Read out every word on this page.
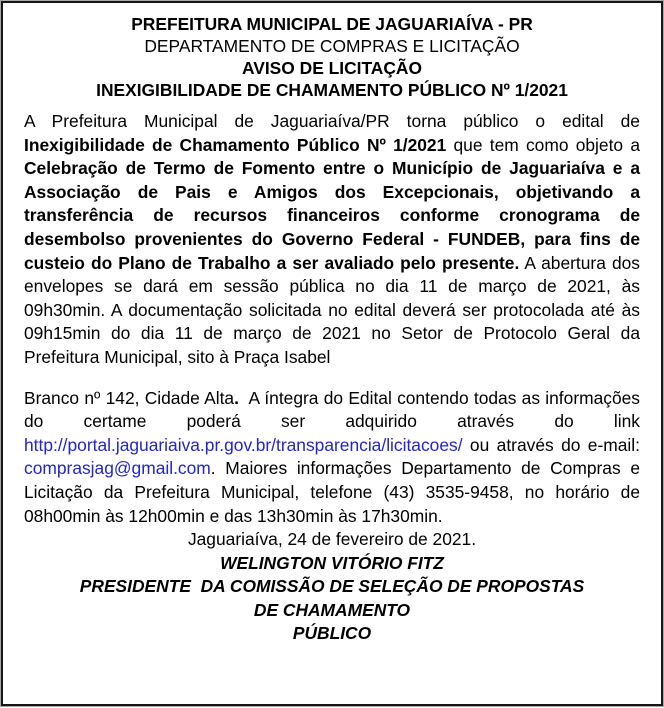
PREFEITURA MUNICIPAL DE JAGUARIAÍVA - PR
DEPARTAMENTO DE COMPRAS E LICITAÇÃO
AVISO DE LICITAÇÃO
INEXIGIBILIDADE DE CHAMAMENTO PÚBLICO Nº 1/2021
A Prefeitura Municipal de Jaguariaíva/PR torna público o edital de Inexigibilidade de Chamamento Público Nº 1/2021 que tem como objeto a Celebração de Termo de Fomento entre o Município de Jaguariaíva e a Associação de Pais e Amigos dos Excepcionais, objetivando a transferência de recursos financeiros conforme cronograma de desembolso provenientes do Governo Federal - FUNDEB, para fins de custeio do Plano de Trabalho a ser avaliado pelo presente. A abertura dos envelopes se dará em sessão pública no dia 11 de março de 2021, às 09h30min. A documentação solicitada no edital deverá ser protocolada até às 09h15min do dia 11 de março de 2021 no Setor de Protocolo Geral da Prefeitura Municipal, sito à Praça Isabel
Branco nº 142, Cidade Alta.  A íntegra do Edital contendo todas as informações do certame poderá ser adquirido através do link http://portal.jaguariaiva.pr.gov.br/transparencia/licitacoes/ ou através do e-mail: comprasjag@gmail.com. Maiores informações Departamento de Compras e Licitação da Prefeitura Municipal, telefone (43) 3535-9458, no horário de 08h00min às 12h00min e das 13h30min às 17h30min.
Jaguariaíva, 24 de fevereiro de 2021.
WELINGTON VITÓRIO FITZ
PRESIDENTE  DA COMISSÃO DE SELEÇÃO DE PROPOSTAS
DE CHAMAMENTO
PÚBLICO
